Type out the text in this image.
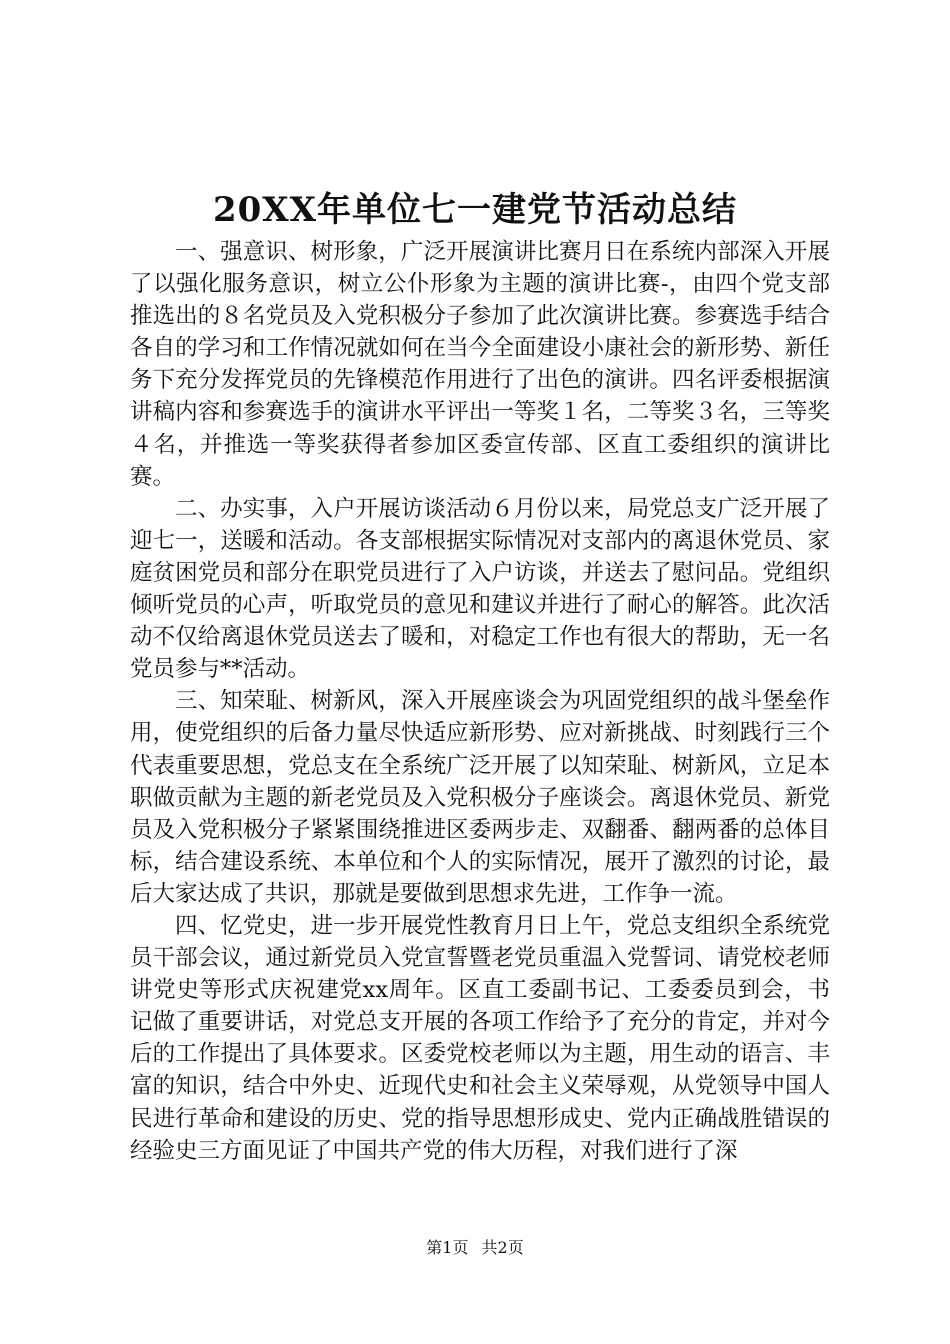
20XX年单位七一建党节活动总结

一、强意识、树形象，广泛开展演讲比赛月日在系统内部深入开展了以强化服务意识，树立公仆形象为主题的演讲比赛-，由四个党支部推选出的８名党员及入党积极分子参加了此次演讲比赛。参赛选手结合各自的学习和工作情况就如何在当今全面建设小康社会的新形势、新任务下充分发挥党员的先锋模范作用进行了出色的演讲。四名评委根据演讲稿内容和参赛选手的演讲水平评出一等奖１名，二等奖３名，三等奖４名，并推选一等奖获得者参加区委宣传部、区直工委组织的演讲比赛。

二、办实事，入户开展访谈活动６月份以来，局党总支广泛开展了迎七一，送暖和活动。各支部根据实际情况对支部内的离退休党员、家庭贫困党员和部分在职党员进行了入户访谈，并送去了慰问品。党组织倾听党员的心声，听取党员的意见和建议并进行了耐心的解答。此次活动不仅给离退休党员送去了暖和，对稳定工作也有很大的帮助，无一名党员参与**活动。

三、知荣耻、树新风，深入开展座谈会为巩固党组织的战斗堡垒作用，使党组织的后备力量尽快适应新形势、应对新挑战、时刻践行三个代表重要思想，党总支在全系统广泛开展了以知荣耻、树新风，立足本职做贡献为主题的新老党员及入党积极分子座谈会。离退休党员、新党员及入党积极分子紧紧围绕推进区委两步走、双翻番、翻两番的总体目标，结合建设系统、本单位和个人的实际情况，展开了激烈的讨论，最后大家达成了共识，那就是要做到思想求先进，工作争一流。

四、忆党史，进一步开展党性教育月日上午，党总支组织全系统党员干部会议，通过新党员入党宣誓暨老党员重温入党誓词、请党校老师讲党史等形式庆祝建党xx周年。区直工委副书记、工委委员到会，书记做了重要讲话，对党总支开展的各项工作给予了充分的肯定，并对今后的工作提出了具体要求。区委党校老师以为主题，用生动的语言、丰富的知识，结合中外史、近现代史和社会主义荣辱观，从党领导中国人民进行革命和建设的历史、党的指导思想形成史、党内正确战胜错误的经验史三方面见证了中国共产党的伟大历程，对我们进行了深

第1页 共2页
